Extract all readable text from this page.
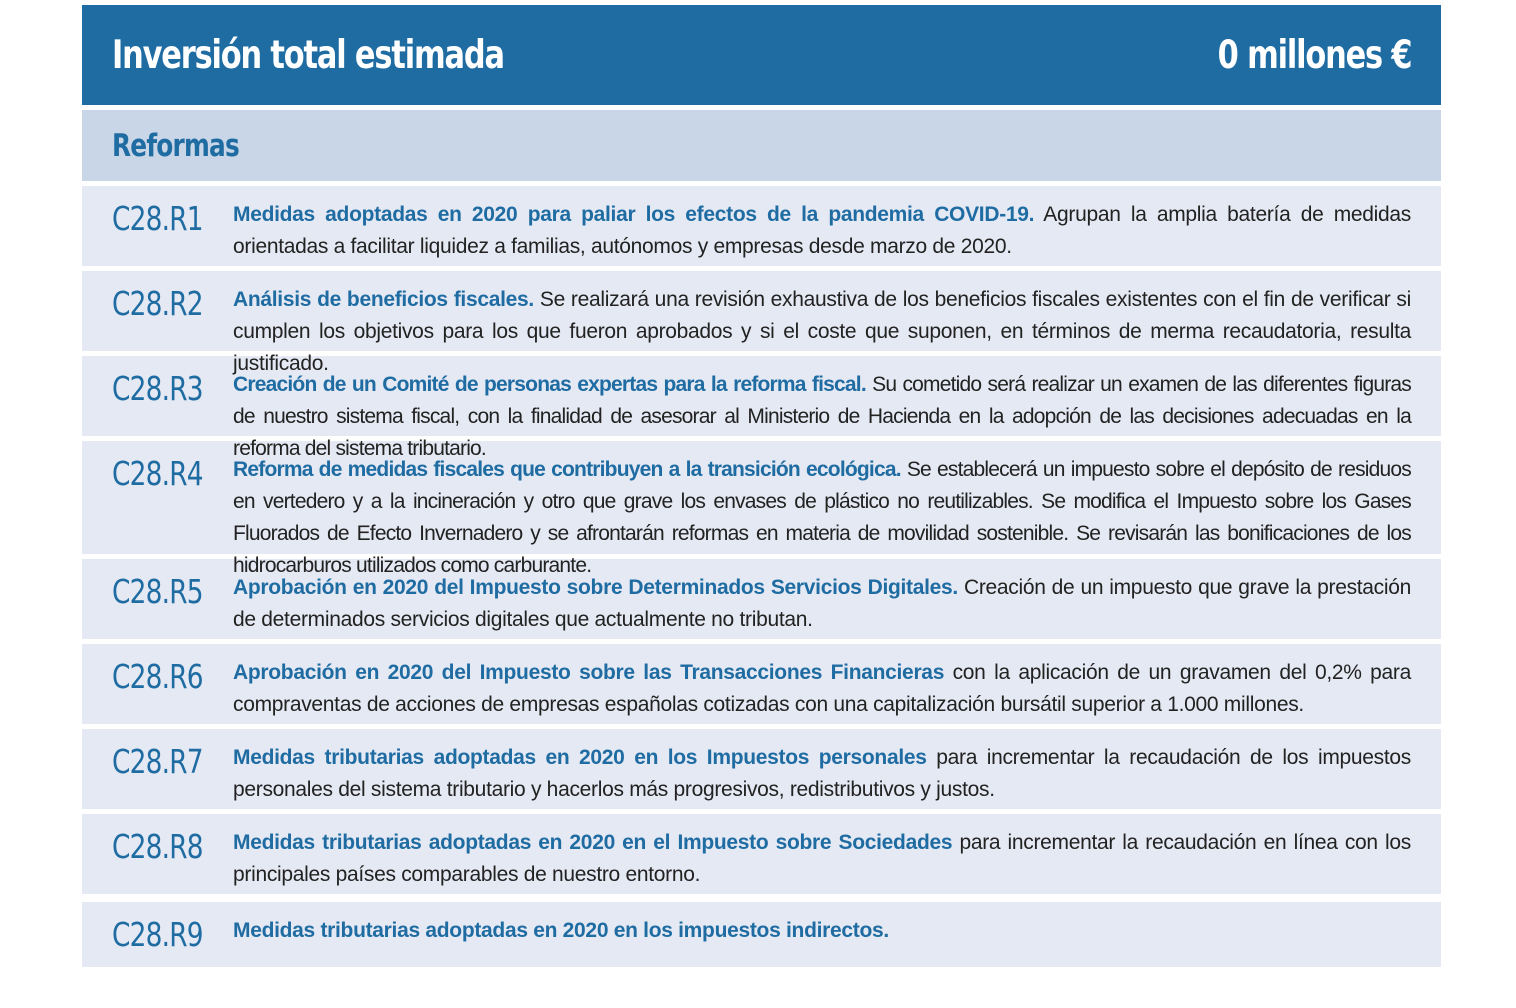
Inversión total estimada	0 millones €
Reformas
C28.R1 Medidas adoptadas en 2020 para paliar los efectos de la pandemia COVID-19. Agrupan la amplia batería de medidas orientadas a facilitar liquidez a familias, autónomos y empresas desde marzo de 2020.
C28.R2 Análisis de beneficios fiscales. Se realizará una revisión exhaustiva de los beneficios fiscales existentes con el fin de verificar si cumplen los objetivos para los que fueron aprobados y si el coste que suponen, en términos de merma recaudatoria, resulta justificado.
C28.R3 Creación de un Comité de personas expertas para la reforma fiscal. Su cometido será realizar un examen de las diferentes figuras de nuestro sistema fiscal, con la finalidad de asesorar al Ministerio de Hacienda en la adopción de las decisiones adecuadas en la reforma del sistema tributario.
C28.R4 Reforma de medidas fiscales que contribuyen a la transición ecológica. Se establecerá un impuesto sobre el depósito de residuos en vertedero y a la incineración y otro que grave los envases de plástico no reutilizables. Se modifica el Impuesto sobre los Gases Fluorados de Efecto Invernadero y se afrontarán reformas en materia de movilidad sostenible. Se revisarán las bonificaciones de los hidrocarburos utilizados como carburante.
C28.R5 Aprobación en 2020 del Impuesto sobre Determinados Servicios Digitales. Creación de un impuesto que grave la prestación de determinados servicios digitales que actualmente no tributan.
C28.R6 Aprobación en 2020 del Impuesto sobre las Transacciones Financieras con la aplicación de un gravamen del 0,2% para compraventas de acciones de empresas españolas cotizadas con una capitalización bursátil superior a 1.000 millones.
C28.R7 Medidas tributarias adoptadas en 2020 en los Impuestos personales para incrementar la recaudación de los impuestos personales del sistema tributario y hacerlos más progresivos, redistributivos y justos.
C28.R8 Medidas tributarias adoptadas en 2020 en el Impuesto sobre Sociedades para incrementar la recaudación en línea con los principales países comparables de nuestro entorno.
C28.R9 Medidas tributarias adoptadas en 2020 en los impuestos indirectos.
